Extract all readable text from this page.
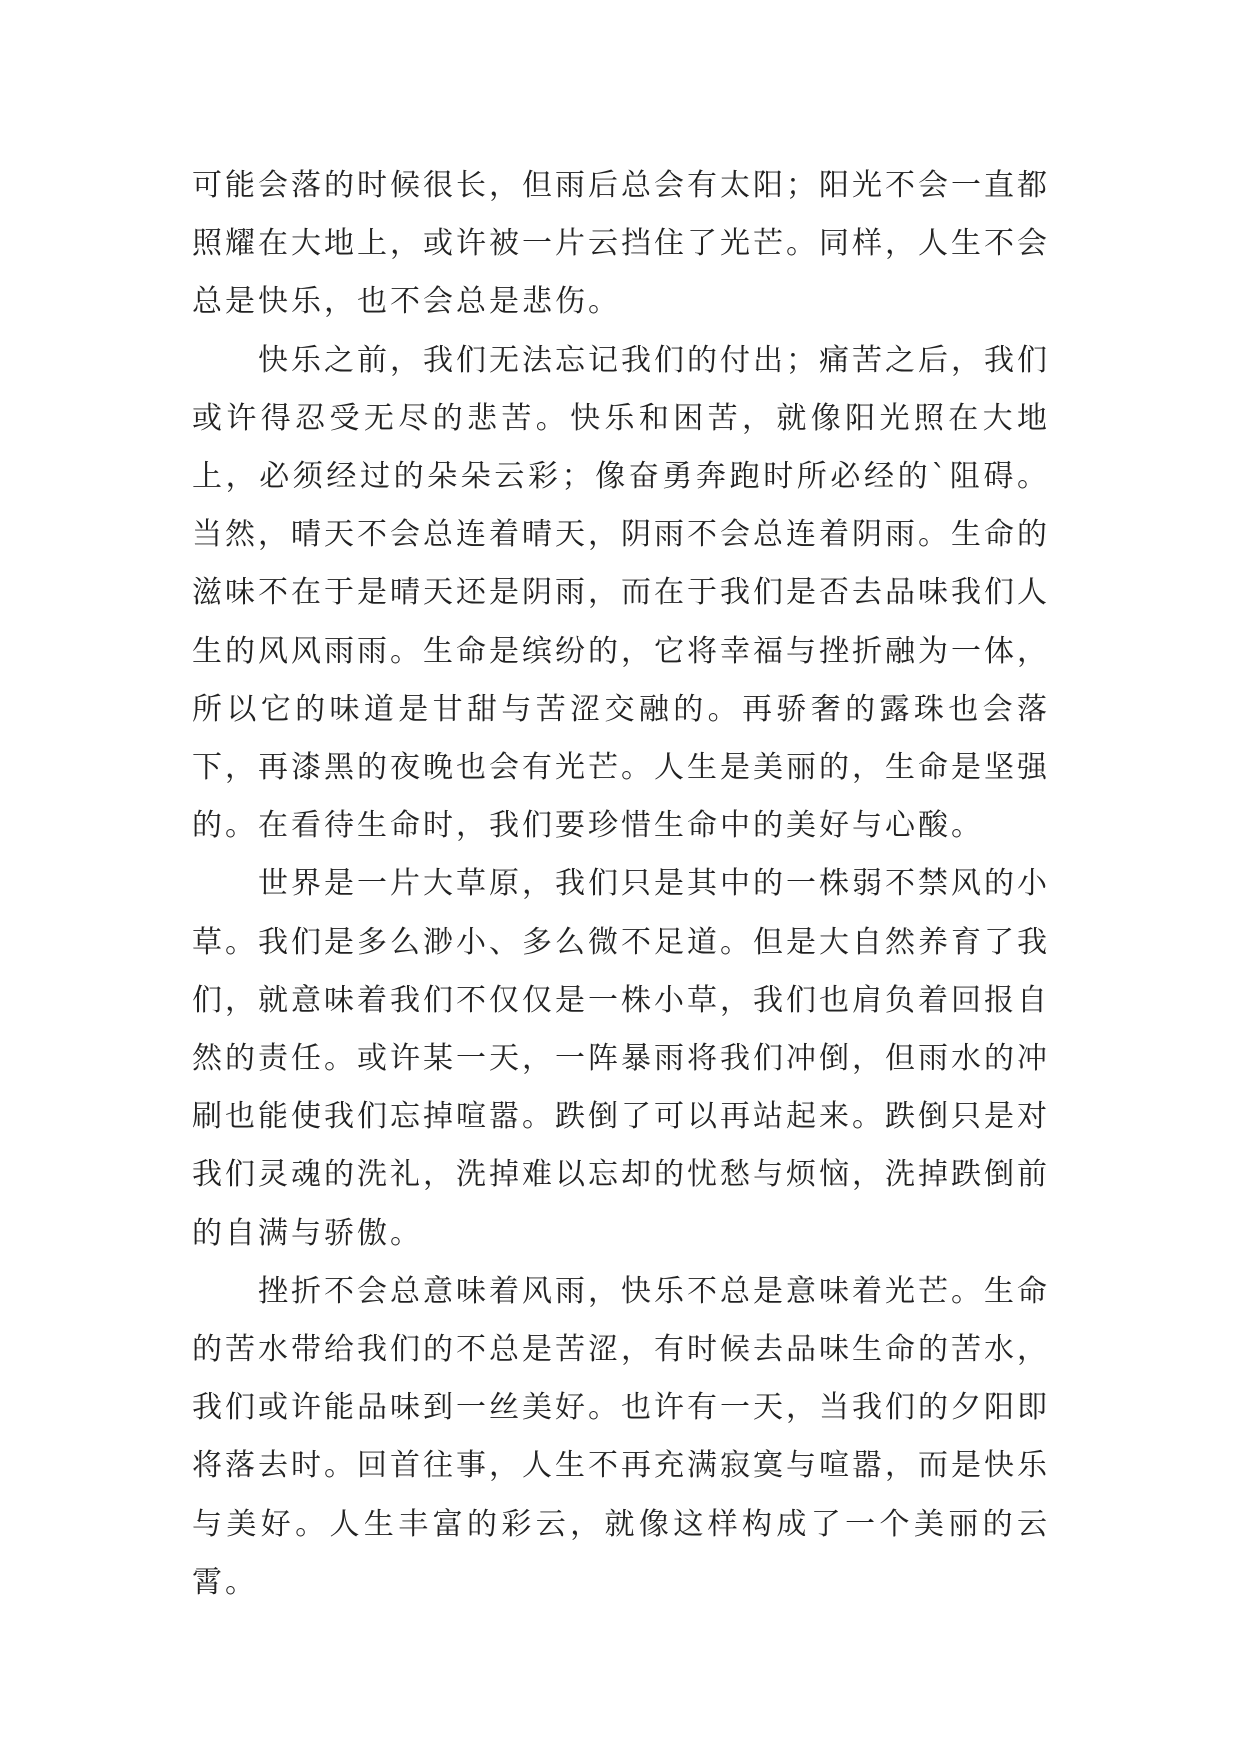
可能会落的时候很长，但雨后总会有太阳；阳光不会一直都照耀在大地上，或许被一片云挡住了光芒。同样，人生不会总是快乐，也不会总是悲伤。

快乐之前，我们无法忘记我们的付出；痛苦之后，我们或许得忍受无尽的悲苦。快乐和困苦，就像阳光照在大地上，必须经过的朵朵云彩；像奋勇奔跑时所必经的`阻碍。当然，晴天不会总连着晴天，阴雨不会总连着阴雨。生命的滋味不在于是晴天还是阴雨，而在于我们是否去品味我们人生的风风雨雨。生命是缤纷的，它将幸福与挫折融为一体，所以它的味道是甘甜与苦涩交融的。再骄奢的露珠也会落下，再漆黑的夜晚也会有光芒。人生是美丽的，生命是坚强的。在看待生命时，我们要珍惜生命中的美好与心酸。

世界是一片大草原，我们只是其中的一株弱不禁风的小草。我们是多么渺小、多么微不足道。但是大自然养育了我们，就意味着我们不仅仅是一株小草，我们也肩负着回报自然的责任。或许某一天，一阵暴雨将我们冲倒，但雨水的冲刷也能使我们忘掉喧嚣。跌倒了可以再站起来。跌倒只是对我们灵魂的洗礼，洗掉难以忘却的忧愁与烦恼，洗掉跌倒前的自满与骄傲。

挫折不会总意味着风雨，快乐不总是意味着光芒。生命的苦水带给我们的不总是苦涩，有时候去品味生命的苦水，我们或许能品味到一丝美好。也许有一天，当我们的夕阳即将落去时。回首往事，人生不再充满寂寞与喧嚣，而是快乐与美好。人生丰富的彩云，就像这样构成了一个美丽的云霄。
